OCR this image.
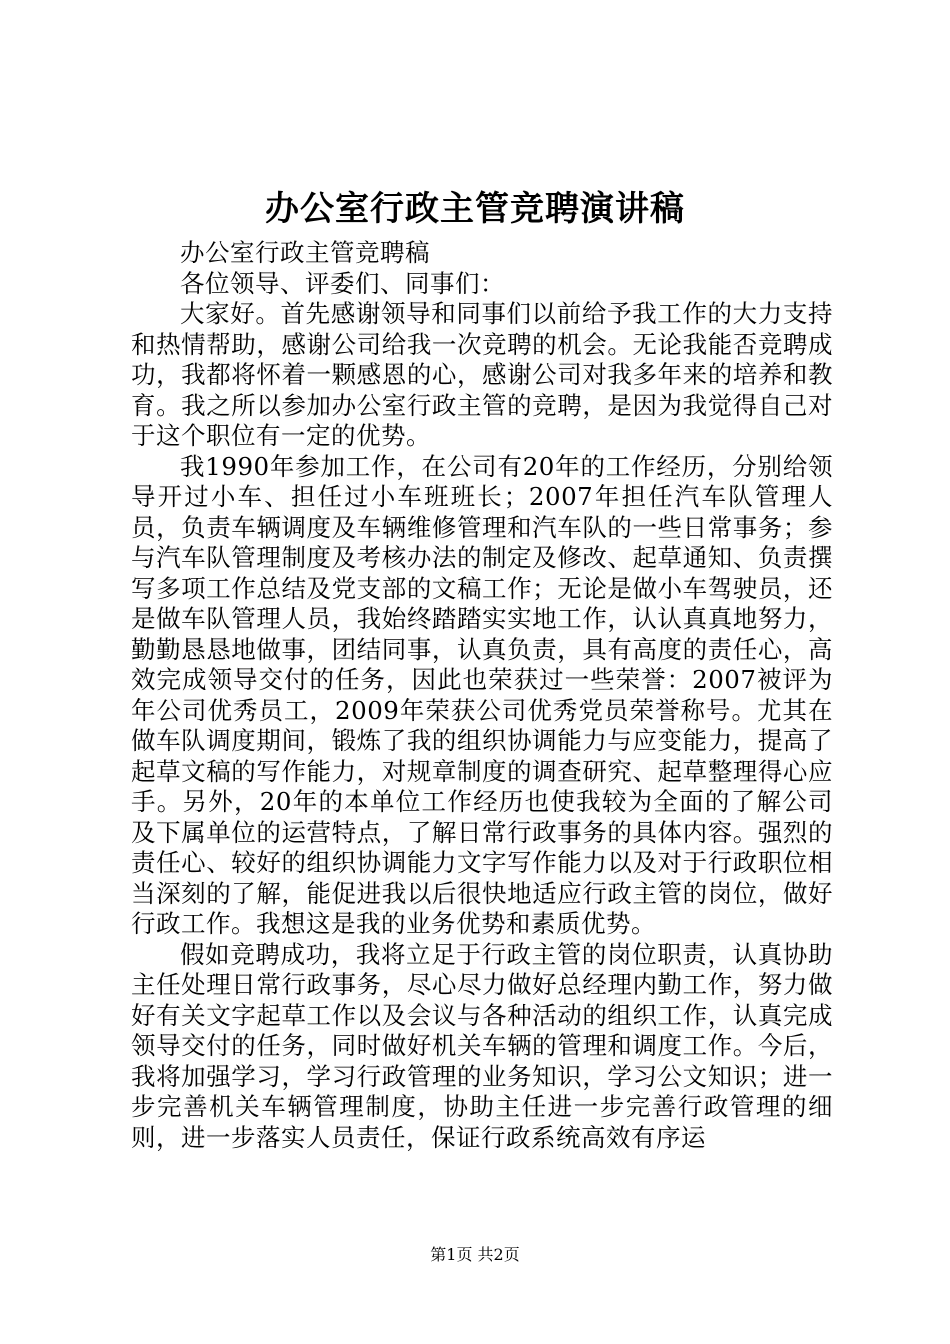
办公室行政主管竞聘演讲稿

办公室行政主管竞聘稿

各位领导、评委们、同事们：

大家好。首先感谢领导和同事们以前给予我工作的大力支持和热情帮助，感谢公司给我一次竞聘的机会。无论我能否竞聘成功，我都将怀着一颗感恩的心，感谢公司对我多年来的培养和教育。我之所以参加办公室行政主管的竞聘，是因为我觉得自己对于这个职位有一定的优势。

我1990年参加工作，在公司有20年的工作经历，分别给领导开过小车、担任过小车班班长；2007年担任汽车队管理人员，负责车辆调度及车辆维修管理和汽车队的一些日常事务；参与汽车队管理制度及考核办法的制定及修改、起草通知、负责撰写多项工作总结及党支部的文稿工作；无论是做小车驾驶员，还是做车队管理人员，我始终踏踏实实地工作，认认真真地努力，勤勤恳恳地做事，团结同事，认真负责，具有高度的责任心，高效完成领导交付的任务，因此也荣获过一些荣誉：2007被评为年公司优秀员工，2009年荣获公司优秀党员荣誉称号。尤其在做车队调度期间，锻炼了我的组织协调能力与应变能力，提高了起草文稿的写作能力，对规章制度的调查研究、起草整理得心应手。另外，20年的本单位工作经历也使我较为全面的了解公司及下属单位的运营特点，了解日常行政事务的具体内容。强烈的责任心、较好的组织协调能力文字写作能力以及对于行政职位相当深刻的了解，能促进我以后很快地适应行政主管的岗位，做好行政工作。我想这是我的业务优势和素质优势。

假如竞聘成功，我将立足于行政主管的岗位职责，认真协助主任处理日常行政事务，尽心尽力做好总经理内勤工作，努力做好有关文字起草工作以及会议与各种活动的组织工作，认真完成领导交付的任务，同时做好机关车辆的管理和调度工作。今后，我将加强学习，学习行政管理的业务知识，学习公文知识；进一步完善机关车辆管理制度，协助主任进一步完善行政管理的细则，进一步落实人员责任，保证行政系统高效有序运

第1页 共2页
